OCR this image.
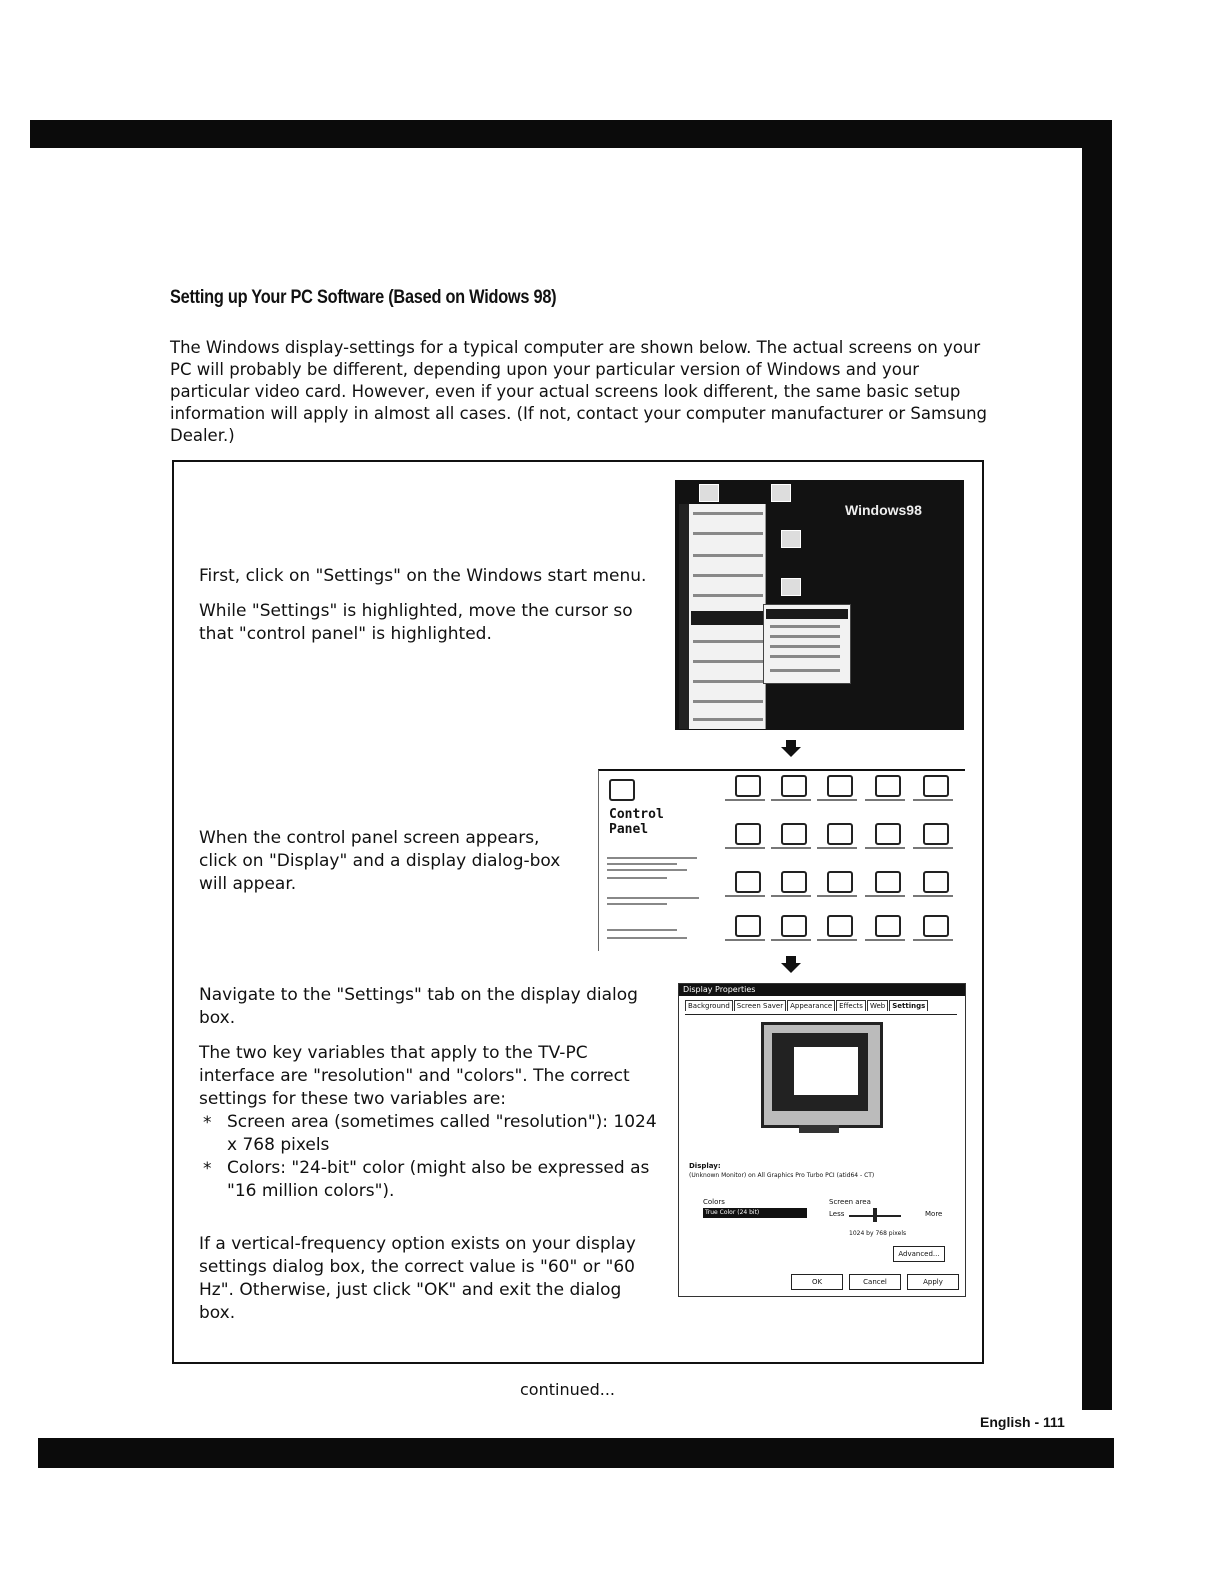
Setting up Your PC Software (Based on Widows 98)
The Windows display-settings for a typical computer are shown below. The actual screens on your PC will probably be different, depending upon your particular version of Windows and your particular video card. However, even if your actual screens look different, the same basic setup information will apply in almost all cases. (If not, contact your computer manufacturer or Samsung Dealer.)

First, click on "Settings" on the Windows start menu.

While "Settings" is highlighted, move the cursor so that "control panel" is highlighted.

When the control panel screen appears, click on "Display" and a display dialog-box will appear.

Navigate to the "Settings" tab on the display dialog box.

The two key variables that apply to the TV-PC interface are "resolution" and "colors". The correct settings for these two variables are:

* Screen area (sometimes called "resolution"): 1024 x 768 pixels
* Colors: "24-bit" color (might also be expressed as "16 million colors").

If a vertical-frequency option exists on your display settings dialog box, the correct value is "60" or "60 Hz". Otherwise, just click "OK" and exit the dialog box.

Windows98
Control Panel
Display Properties
Background Screen Saver Appearance Effects Web Settings
Display:
(Unknown Monitor) on All Graphics Pro Turbo PCI (atid64 - CT)
Colors
True Color (24 bit)
Screen area
Less	More
1024 by 768 pixels
Advanced...
OK	Cancel	Apply
continued...
English - 111
